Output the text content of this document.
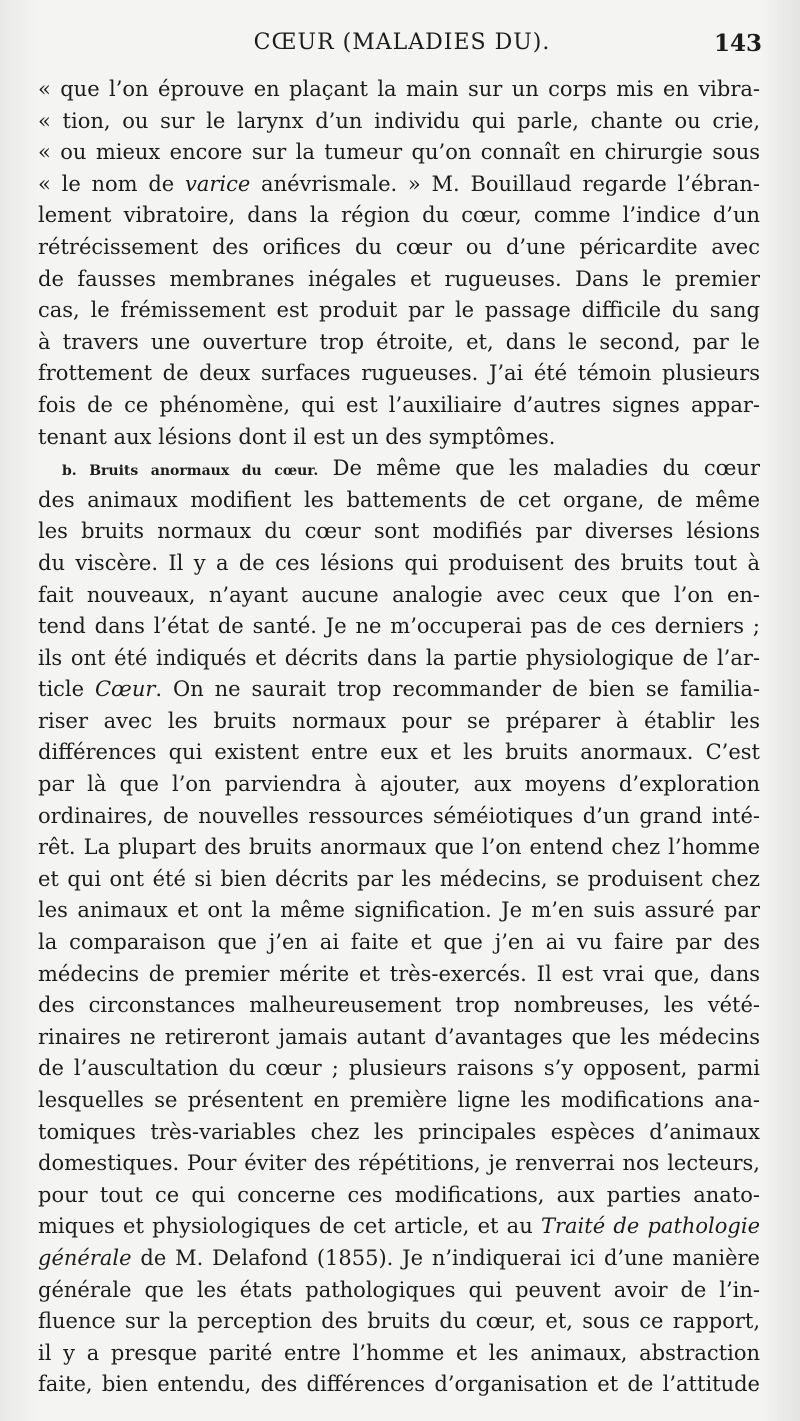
CŒUR (MALADIES DU).	143
« que l’on éprouve en plaçant la main sur un corps mis en vibra-
« tion, ou sur le larynx d’un individu qui parle, chante ou crie,
« ou mieux encore sur la tumeur qu’on connaît en chirurgie sous
« le nom de varice anévrismale. » M. Bouillaud regarde l’ébran-
lement vibratoire, dans la région du cœur, comme l’indice d’un
rétrécissement des orifices du cœur ou d’une péricardite avec
de fausses membranes inégales et rugueuses. Dans le premier
cas, le frémissement est produit par le passage difficile du sang
à travers une ouverture trop étroite, et, dans le second, par le
frottement de deux surfaces rugueuses. J’ai été témoin plusieurs
fois de ce phénomène, qui est l’auxiliaire d’autres signes appar-
tenant aux lésions dont il est un des symptômes.
b. Bruits anormaux du cœur. De même que les maladies du cœur
des animaux modifient les battements de cet organe, de même
les bruits normaux du cœur sont modifiés par diverses lésions
du viscère. Il y a de ces lésions qui produisent des bruits tout à
fait nouveaux, n’ayant aucune analogie avec ceux que l’on en-
tend dans l’état de santé. Je ne m’occuperai pas de ces derniers ;
ils ont été indiqués et décrits dans la partie physiologique de l’ar-
ticle Cœur. On ne saurait trop recommander de bien se familia-
riser avec les bruits normaux pour se préparer à établir les
différences qui existent entre eux et les bruits anormaux. C’est
par là que l’on parviendra à ajouter, aux moyens d’exploration
ordinaires, de nouvelles ressources séméiotiques d’un grand inté-
rêt. La plupart des bruits anormaux que l’on entend chez l’homme
et qui ont été si bien décrits par les médecins, se produisent chez
les animaux et ont la même signification. Je m’en suis assuré par
la comparaison que j’en ai faite et que j’en ai vu faire par des
médecins de premier mérite et très-exercés. Il est vrai que, dans
des circonstances malheureusement trop nombreuses, les vété-
rinaires ne retireront jamais autant d’avantages que les médecins
de l’auscultation du cœur ; plusieurs raisons s’y opposent, parmi
lesquelles se présentent en première ligne les modifications ana-
tomiques très-variables chez les principales espèces d’animaux
domestiques. Pour éviter des répétitions, je renverrai nos lecteurs,
pour tout ce qui concerne ces modifications, aux parties anato-
miques et physiologiques de cet article, et au Traité de pathologie
générale de M. Delafond (1855). Je n’indiquerai ici d’une manière
générale que les états pathologiques qui peuvent avoir de l’in-
fluence sur la perception des bruits du cœur, et, sous ce rapport,
il y a presque parité entre l’homme et les animaux, abstraction
faite, bien entendu, des différences d’organisation et de l’attitude
